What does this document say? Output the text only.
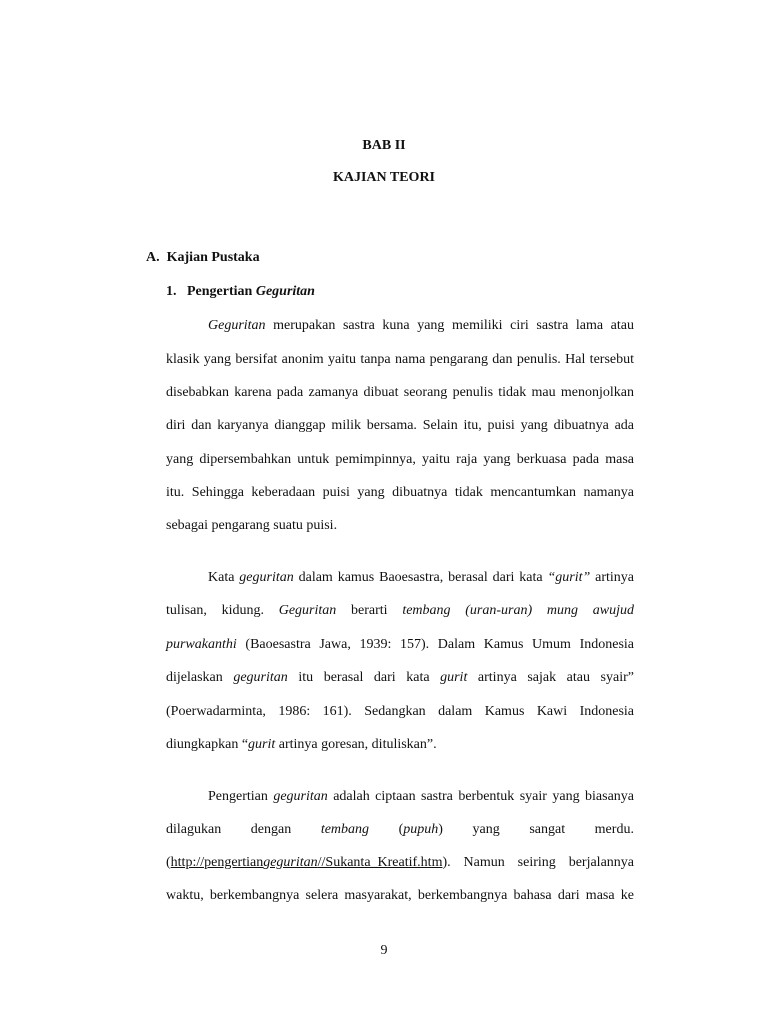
BAB II
KAJIAN TEORI
A. Kajian Pustaka
1. Pengertian Geguritan
Geguritan merupakan sastra kuna yang memiliki ciri sastra lama atau
klasik yang bersifat anonim yaitu tanpa nama pengarang dan penulis. Hal tersebut
disebabkan karena pada zamanya dibuat seorang penulis tidak mau menonjolkan
diri dan karyanya dianggap milik bersama. Selain itu, puisi yang dibuatnya ada
yang dipersembahkan untuk pemimpinnya, yaitu raja yang berkuasa pada masa
itu. Sehingga keberadaan puisi yang dibuatnya tidak mencantumkan namanya
sebagai pengarang suatu puisi.
Kata geguritan dalam kamus Baoesastra, berasal dari kata “gurit” artinya
tulisan, kidung. Geguritan berarti tembang (uran-uran) mung awujud
purwakanthi (Baoesastra Jawa, 1939: 157). Dalam Kamus Umum Indonesia
dijelaskan geguritan itu berasal dari kata gurit artinya sajak atau syair”
(Poerwadarminta, 1986: 161). Sedangkan dalam Kamus Kawi Indonesia
diungkapkan “gurit artinya goresan, dituliskan”.
Pengertian geguritan adalah ciptaan sastra berbentuk syair yang biasanya
dilagukan dengan tembang (pupuh) yang sangat merdu.
(http://pengertiangeguritan//Sukanta_Kreatif.htm). Namun seiring berjalannya
waktu, berkembangnya selera masyarakat, berkembangnya bahasa dari masa ke
9
